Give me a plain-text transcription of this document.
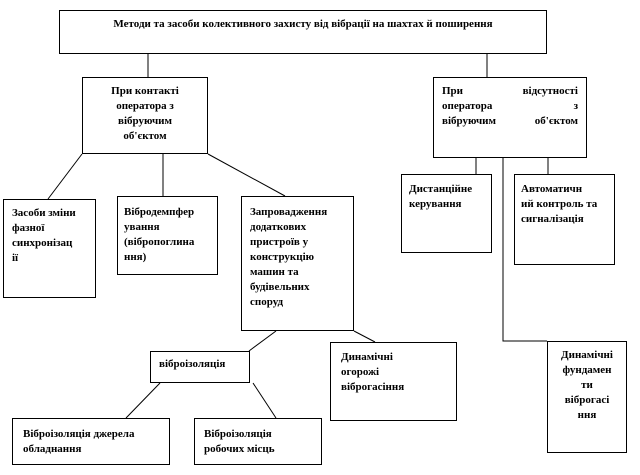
Методи та засоби колективного захисту від вібрації на шахтах й поширення
При контакті
оператора з
вібруючим
об'єктом
При відсутності
оператора з
вібруючим об'єктом
Засоби зміни
фазної
синхронізац
ії
Вібродемпфер
ування
(вібропоглина
ння)
Запровадження
додаткових
пристроїв у
конструкцію
машин та
будівельних
споруд
Дистанційне
керування
Автоматичн
ий контроль та
сигналізація
віброізоляція
Динамічні
огорожі
віброгасіння
Динамічні
фундамен
ти
віброгасі
ння
Віброізоляція джерела
обладнання
Віброізоляція
робочих місць
